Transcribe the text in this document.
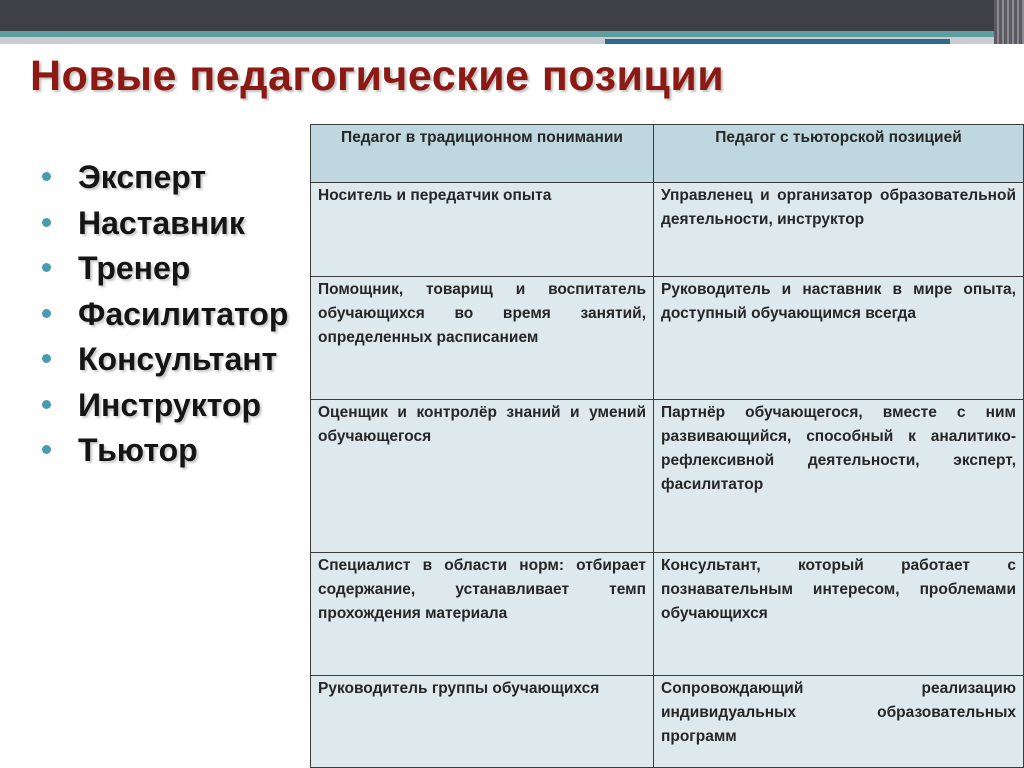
Новые педагогические позиции
Эксперт
Наставник
Тренер
Фасилитатор
Консультант
Инструктор
Тьютор
Педагог в традиционном понимании	Педагог с тьюторской позицией
Носитель и передатчик опыта	Управленец и организатор образовательной деятельности, инструктор
Помощник, товарищ и воспитатель обучающихся во время занятий, определенных расписанием	Руководитель и наставник в мире опыта, доступный обучающимся всегда
Оценщик и контролёр знаний и умений обучающегося	Партнёр обучающегося, вместе с ним развивающийся, способный к аналитико-рефлексивной деятельности, эксперт, фасилитатор
Специалист в области норм: отбирает содержание, устанавливает темп прохождения материала	Консультант, который работает с познавательным интересом, проблемами обучающихся
Руководитель группы обучающихся	Сопровождающий реализацию индивидуальных образовательных программ
